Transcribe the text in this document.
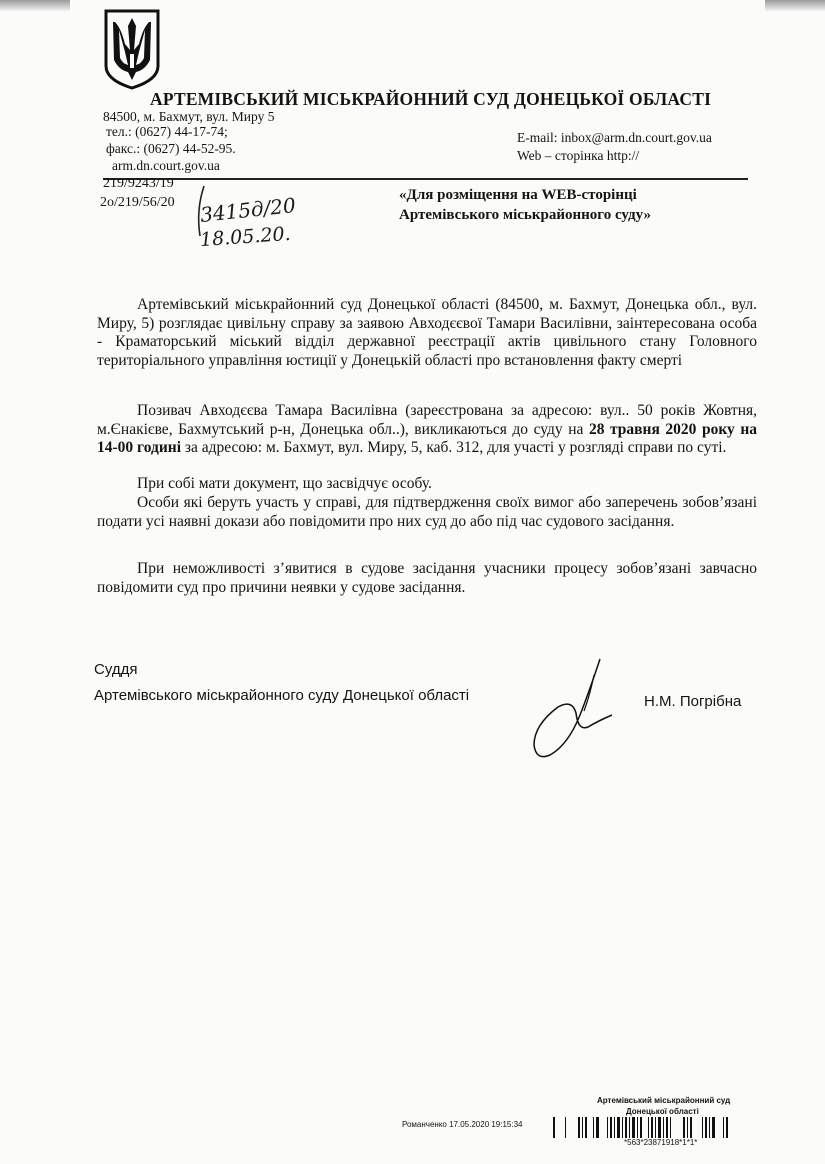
АРТЕМІВСЬКИЙ МІСЬКРАЙОННИЙ СУД ДОНЕЦЬКОЇ ОБЛАСТІ
84500, м. Бахмут, вул. Миру 5
тел.: (0627) 44-17-74;
факс.: (0627) 44-52-95.
arm.dn.court.gov.ua
E-mail: inbox@arm.dn.court.gov.ua
Web – сторінка http://
219/9243/19
2о/219/56/20 3415д/20
18.05.20.
«Для розміщення на WEB-сторінці
Артемівського міськрайонного суду»
Артемівський міськрайонний суд Донецької області (84500, м. Бахмут, Донецька обл., вул. Миру, 5) розглядає цивільну справу за заявою Авходєєвої Тамари Василівни, заінтересована особа - Краматорський міський відділ державної реєстрації актів цивільного стану Головного територіального управління юстиції у Донецькій області про встановлення факту смерті
Позивач Авходєєва Тамара Василівна (зареєстрована за адресою: вул.. 50 років Жовтня, м.Єнакієве, Бахмутський р-н, Донецька обл..), викликаються до суду на 28 травня 2020 року на 14-00 годині за адресою: м. Бахмут, вул. Миру, 5, каб. 312, для участі у розгляді справи по суті.
При собі мати документ, що засвідчує особу.
Особи які беруть участь у справі, для підтвердження своїх вимог або заперечень зобов’язані подати усі наявні докази або повідомити про них суд до або під час судового засідання.
При неможливості з’явитися в судове засідання учасники процесу зобов’язані завчасно повідомити суд про причини неявки у судове засідання.
Суддя
Артемівського міськрайонного суду Донецької області	Н.М. Погрібна
Артемівський міськрайонний суд
Донецької області
Романченко 17.05.2020 19:15:34
*563*23871918*1*1*
